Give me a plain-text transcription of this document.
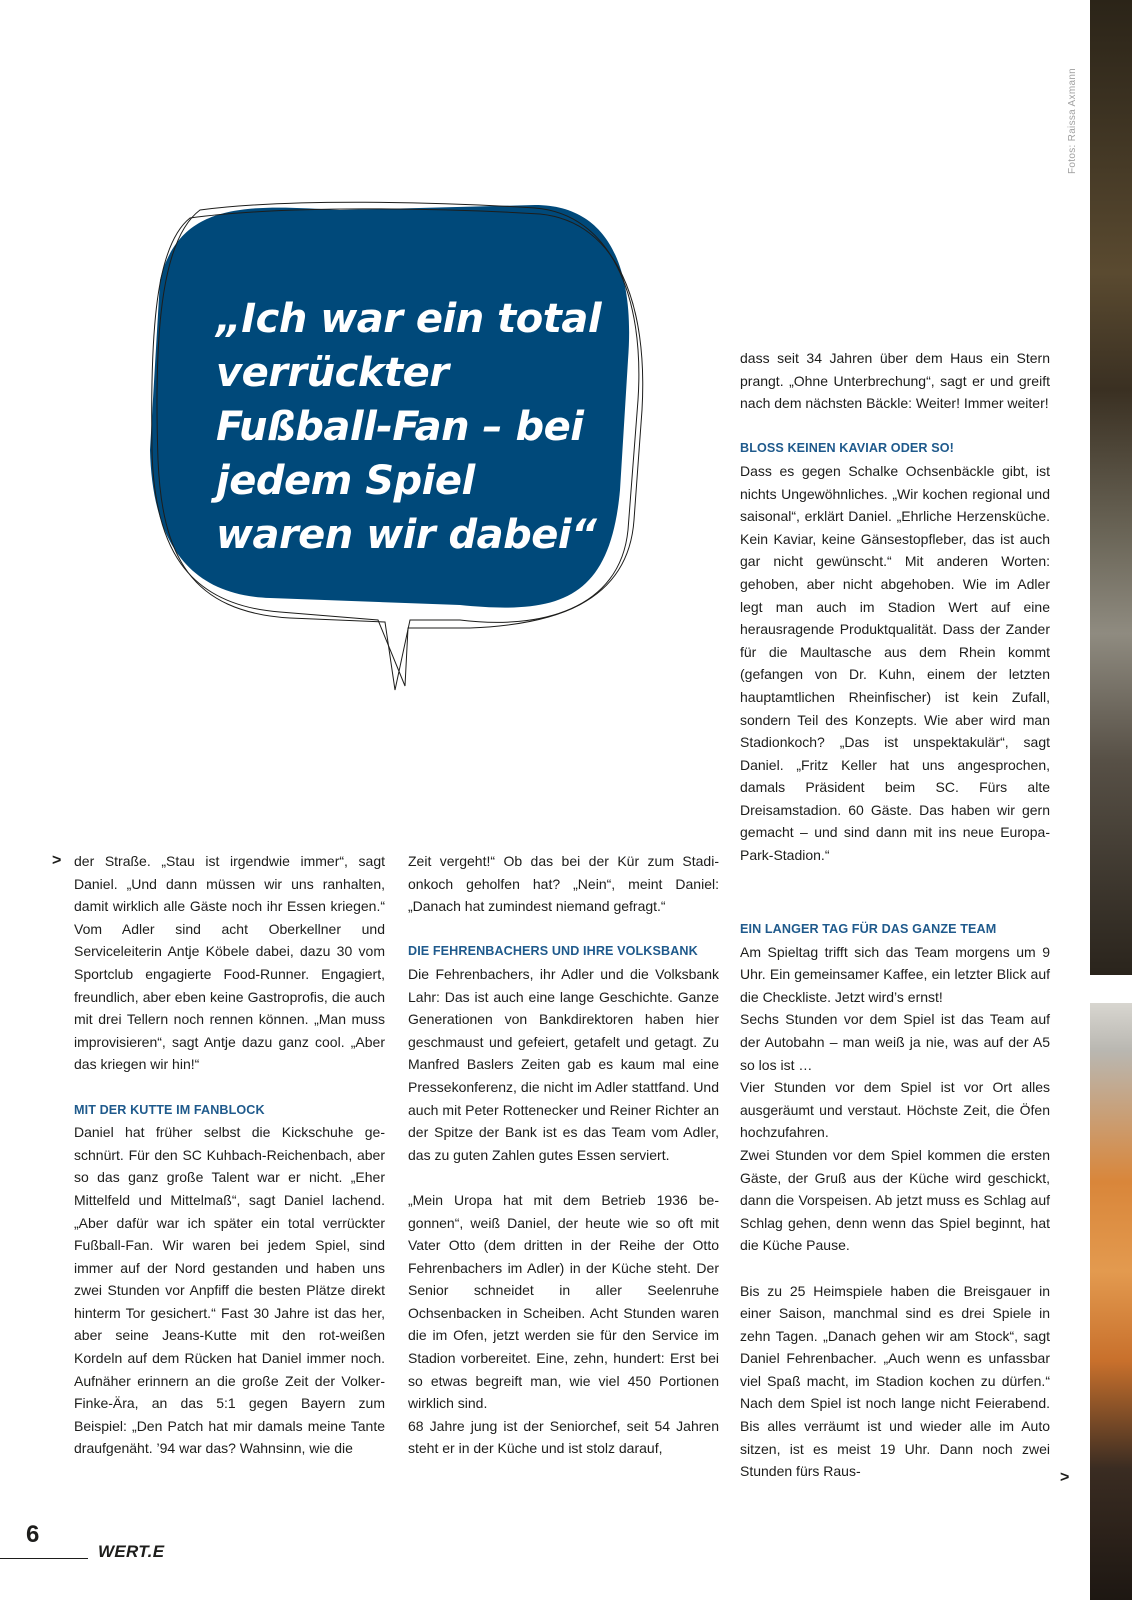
Fotos: Raissa Axmann

„Ich war ein total verrückter Fußball-Fan – bei jedem Spiel waren wir dabei“

> der Straße. „Stau ist irgendwie immer“, sagt Daniel. „Und dann müssen wir uns ranhalten, damit wirklich alle Gäste noch ihr Essen kriegen.“ Vom Adler sind acht Oberkellner und Serviceleiterin Antje Köbele dabei, dazu 30 vom Sportclub engagierte Food-Runner. Engagiert, freundlich, aber eben keine Gastroprofis, die auch mit drei Tellern noch rennen können. „Man muss improvisieren“, sagt Antje dazu ganz cool. „Aber das kriegen wir hin!“

MIT DER KUTTE IM FANBLOCK

Daniel hat früher selbst die Kickschuhe geschnürt. Für den SC Kuhbach-Reichenbach, aber so das ganz große Talent war er nicht. „Eher Mittelfeld und Mittelmaß“, sagt Daniel lachend. „Aber dafür war ich später ein total verrückter Fußball-Fan. Wir waren bei jedem Spiel, sind immer auf der Nord gestanden und haben uns zwei Stunden vor Anpfiff die besten Plätze direkt hinterm Tor gesichert.“ Fast 30 Jahre ist das her, aber seine Jeans-Kutte mit den rot-weißen Kordeln auf dem Rücken hat Daniel immer noch. Aufnäher erinnern an die große Zeit der Volker-Finke-Ära, an das 5:1 gegen Bayern zum Beispiel: „Den Patch hat mir damals meine Tante draufgenäht. ’94 war das? Wahnsinn, wie die

Zeit vergeht!“ Ob das bei der Kür zum Stadionkoch geholfen hat? „Nein“, meint Daniel: „Danach hat zumindest niemand gefragt.“

DIE FEHRENBACHERS UND IHRE VOLKSBANK

Die Fehrenbachers, ihr Adler und die Volksbank Lahr: Das ist auch eine lange Geschichte. Ganze Generationen von Bankdirektoren haben hier geschmaust und gefeiert, getafelt und getagt. Zu Manfred Baslers Zeiten gab es kaum mal eine Pressekonferenz, die nicht im Adler stattfand. Und auch mit Peter Rottenecker und Reiner Richter an der Spitze der Bank ist es das Team vom Adler, das zu guten Zahlen gutes Essen serviert.

„Mein Uropa hat mit dem Betrieb 1936 begonnen“, weiß Daniel, der heute wie so oft mit Vater Otto (dem dritten in der Reihe der Otto Fehrenbachers im Adler) in der Küche steht. Der Senior schneidet in aller Seelenruhe Ochsenbacken in Scheiben. Acht Stunden waren die im Ofen, jetzt werden sie für den Service im Stadion vorbereitet. Eine, zehn, hundert: Erst bei so etwas begreift man, wie viel 450 Portionen wirklich sind.

68 Jahre jung ist der Seniorchef, seit 54 Jahren steht er in der Küche und ist stolz darauf,

dass seit 34 Jahren über dem Haus ein Stern prangt. „Ohne Unterbrechung“, sagt er und greift nach dem nächsten Bäckle: Weiter! Immer weiter!

BLOSS KEINEN KAVIAR ODER SO!

Dass es gegen Schalke Ochsenbäckle gibt, ist nichts Ungewöhnliches. „Wir kochen regional und saisonal“, erklärt Daniel. „Ehrliche Herzensküche. Kein Kaviar, keine Gänsestopfleber, das ist auch gar nicht gewünscht.“ Mit anderen Worten: gehoben, aber nicht abgehoben. Wie im Adler legt man auch im Stadion Wert auf eine herausragende Produktqualität. Dass der Zander für die Maultasche aus dem Rhein kommt (gefangen von Dr. Kuhn, einem der letzten hauptamtlichen Rheinfischer) ist kein Zufall, sondern Teil des Konzepts. Wie aber wird man Stadionkoch? „Das ist unspektakulär“, sagt Daniel. „Fritz Keller hat uns angesprochen, damals Präsident beim SC. Fürs alte Dreisamstadion. 60 Gäste. Das haben wir gern gemacht – und sind dann mit ins neue Europa-Park-Stadion.“

EIN LANGER TAG FÜR DAS GANZE TEAM

Am Spieltag trifft sich das Team morgens um 9 Uhr. Ein gemeinsamer Kaffee, ein letzter Blick auf die Checkliste. Jetzt wird’s ernst!

Sechs Stunden vor dem Spiel ist das Team auf der Autobahn – man weiß ja nie, was auf der A5 so los ist …

Vier Stunden vor dem Spiel ist vor Ort alles ausgeräumt und verstaut. Höchste Zeit, die Öfen hochzufahren.

Zwei Stunden vor dem Spiel kommen die ersten Gäste, der Gruß aus der Küche wird geschickt, dann die Vorspeisen. Ab jetzt muss es Schlag auf Schlag gehen, denn wenn das Spiel beginnt, hat die Küche Pause.

Bis zu 25 Heimspiele haben die Breisgauer in einer Saison, manchmal sind es drei Spiele in zehn Tagen. „Danach gehen wir am Stock“, sagt Daniel Fehrenbacher. „Auch wenn es unfassbar viel Spaß macht, im Stadion kochen zu dürfen.“ Nach dem Spiel ist noch lange nicht Feierabend. Bis alles verräumt ist und wieder alle im Auto sitzen, ist es meist 19 Uhr. Dann noch zwei Stunden fürs Raus-	>
6
WERT.E
